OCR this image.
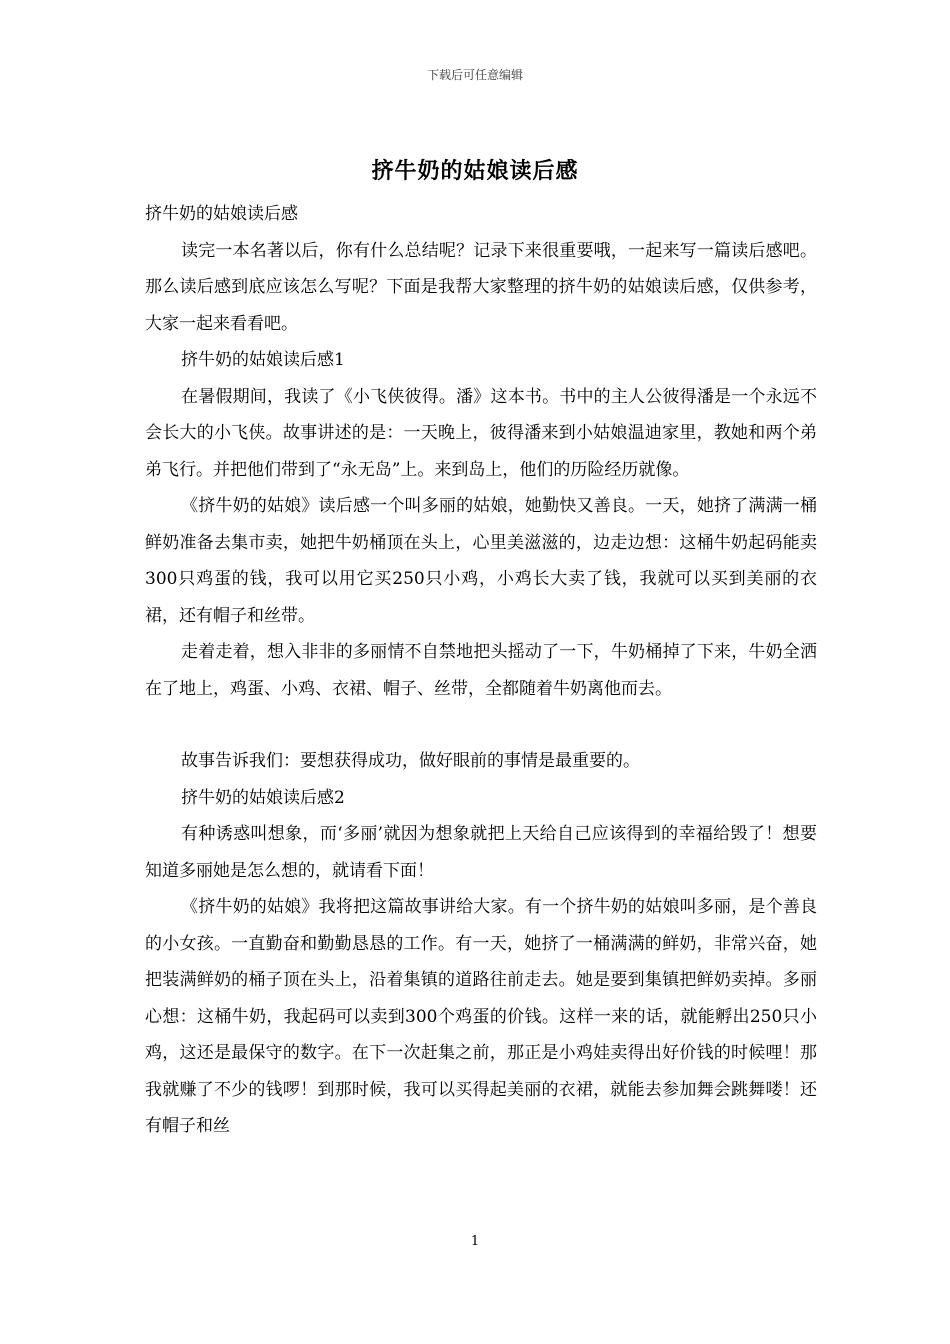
下载后可任意编辑
挤牛奶的姑娘读后感

挤牛奶的姑娘读后感

读完一本名著以后，你有什么总结呢？记录下来很重要哦，一起来写一篇读后感吧。那么读后感到底应该怎么写呢？下面是我帮大家整理的挤牛奶的姑娘读后感，仅供参考，大家一起来看看吧。

挤牛奶的姑娘读后感1

在暑假期间，我读了《小飞侠彼得。潘》这本书。书中的主人公彼得潘是一个永远不会长大的小飞侠。故事讲述的是：一天晚上，彼得潘来到小姑娘温迪家里，教她和两个弟弟飞行。并把他们带到了“永无岛”上。来到岛上，他们的历险经历就像。

《挤牛奶的姑娘》读后感一个叫多丽的姑娘，她勤快又善良。一天，她挤了满满一桶鲜奶准备去集市卖，她把牛奶桶顶在头上，心里美滋滋的，边走边想：这桶牛奶起码能卖300只鸡蛋的钱，我可以用它买250只小鸡，小鸡长大卖了钱，我就可以买到美丽的衣裙，还有帽子和丝带。

走着走着，想入非非的多丽情不自禁地把头摇动了一下，牛奶桶掉了下来，牛奶全洒在了地上，鸡蛋、小鸡、衣裙、帽子、丝带，全都随着牛奶离他而去。

故事告诉我们：要想获得成功，做好眼前的事情是最重要的。

挤牛奶的姑娘读后感2

有种诱惑叫想象，而‘多丽’就因为想象就把上天给自己应该得到的幸福给毁了！想要知道多丽她是怎么想的，就请看下面！

《挤牛奶的姑娘》我将把这篇故事讲给大家。有一个挤牛奶的姑娘叫多丽，是个善良的小女孩。一直勤奋和勤勤恳恳的工作。有一天，她挤了一桶满满的鲜奶，非常兴奋，她把装满鲜奶的桶子顶在头上，沿着集镇的道路往前走去。她是要到集镇把鲜奶卖掉。多丽心想：这桶牛奶，我起码可以卖到300个鸡蛋的价钱。这样一来的话，就能孵出250只小鸡，这还是最保守的数字。在下一次赶集之前，那正是小鸡娃卖得出好价钱的时候哩！那我就赚了不少的钱啰！到那时候，我可以买得起美丽的衣裙，就能去参加舞会跳舞喽！还有帽子和丝

1
